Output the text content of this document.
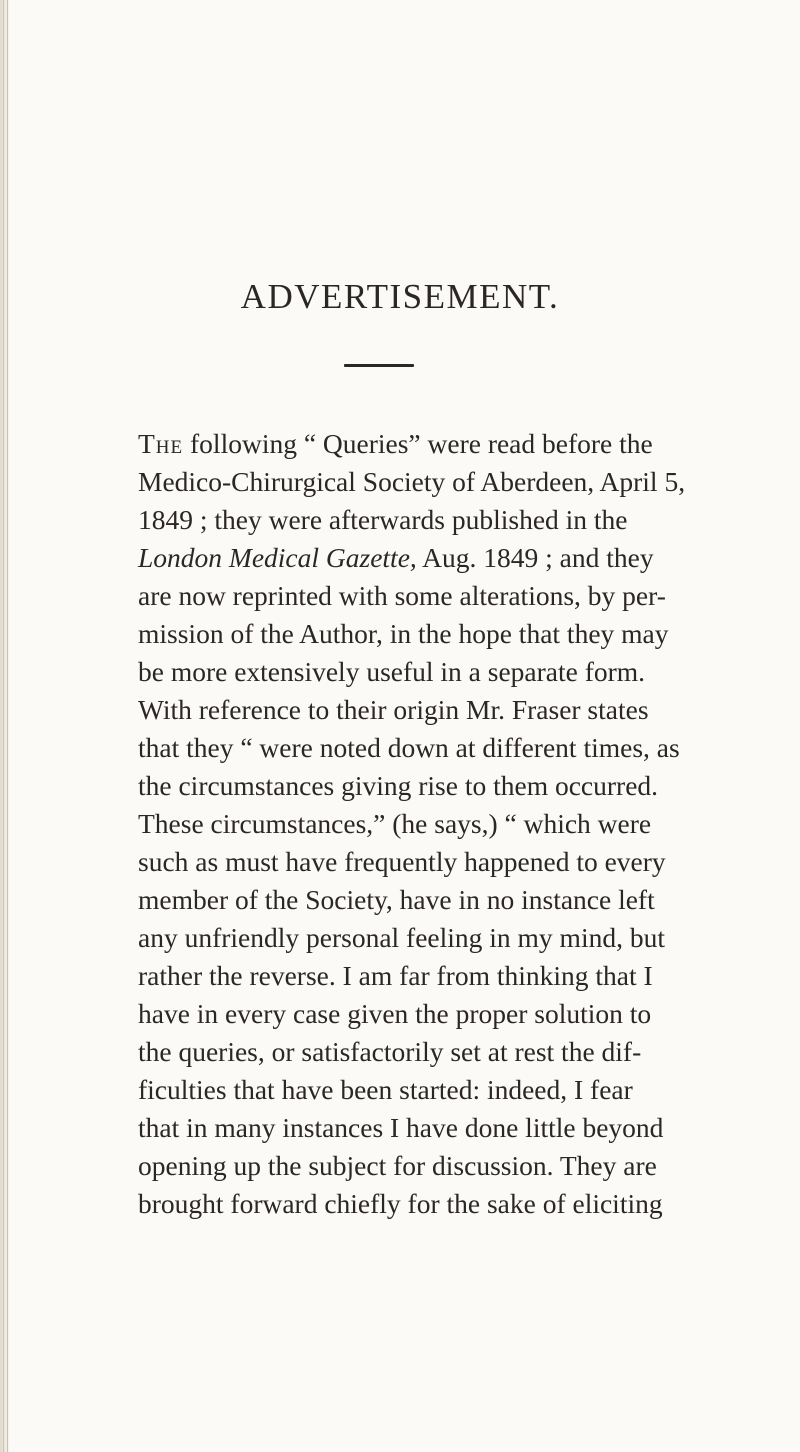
ADVERTISEMENT.

The following “ Queries” were read before the

Medico-Chirurgical Society of Aberdeen, April 5,

1849 ; they were afterwards published in the

London Medical Gazette, Aug. 1849 ; and they

are now reprinted with some alterations, by per-

mission of the Author, in the hope that they may

be more extensively useful in a separate form.

With reference to their origin Mr. Fraser states

that they “ were noted down at different times, as

the circumstances giving rise to them occurred.

These circumstances,” (he says,) “ which were

such as must have frequently happened to every

member of the Society, have in no instance left

any unfriendly personal feeling in my mind, but

rather the reverse. I am far from thinking that I

have in every case given the proper solution to

the queries, or satisfactorily set at rest the dif-

ficulties that have been started: indeed, I fear

that in many instances I have done little beyond

opening up the subject for discussion. They are

brought forward chiefly for the sake of eliciting
